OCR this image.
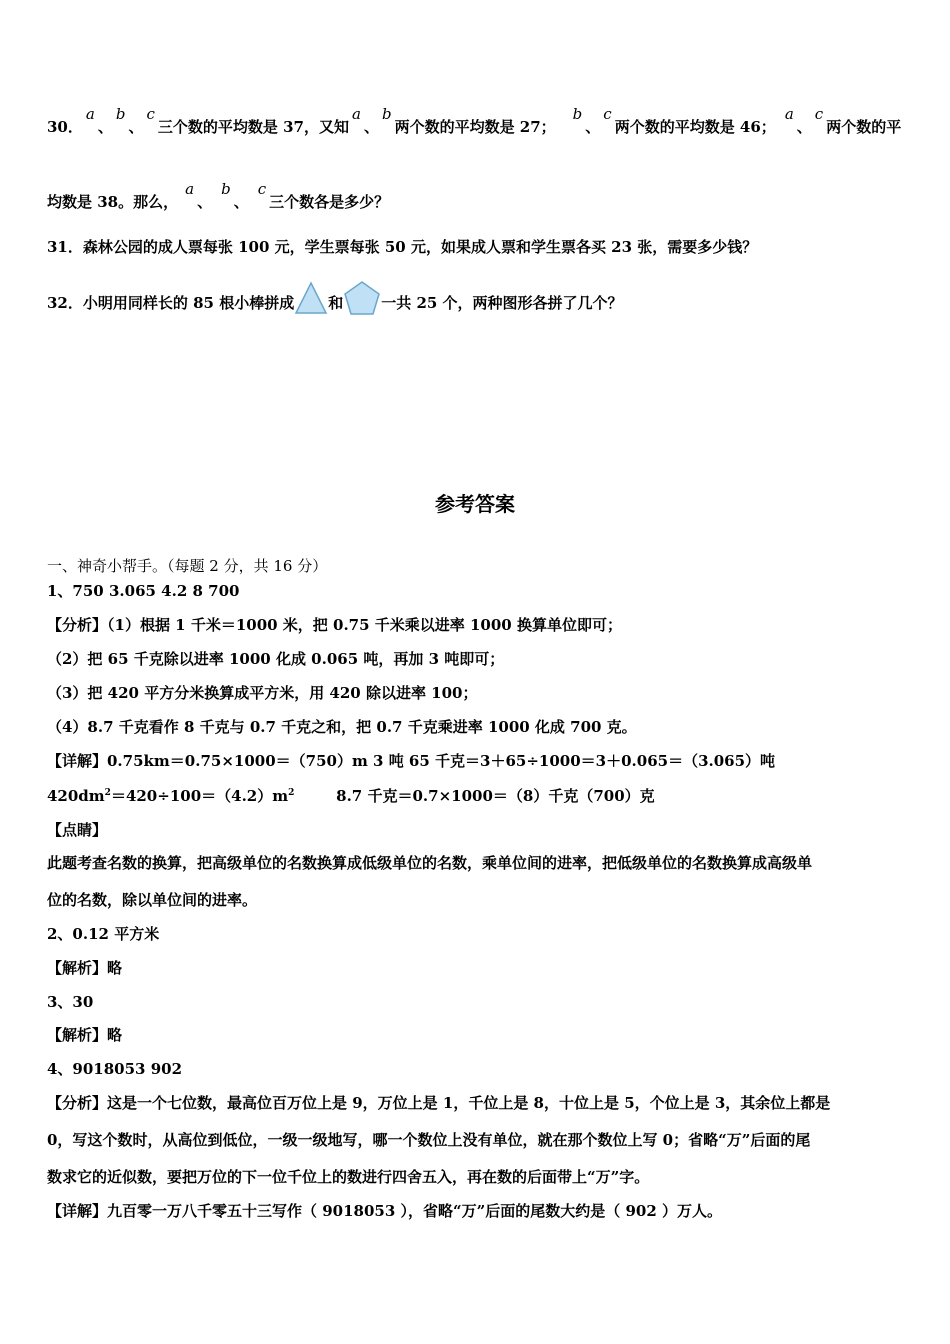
30．a、b、c三个数的平均数是 37，又知a、b两个数的平均数是 27；b、c两个数的平均数是 46；a、c两个数的平
均数是 38。那么，a、b、c三个数各是多少？
31．森林公园的成人票每张 100 元，学生票每张 50 元，如果成人票和学生票各买 23 张，需要多少钱？
32．小明用同样长的 85 根小棒拼成 和	一共 25 个，两种图形各拼了几个？
参考答案
一、神奇小帮手。（每题 2 分，共 16 分）
1、750 3.065 4.2 8 700
【分析】（1）根据 1 千米＝1000 米，把 0.75 千米乘以进率 1000 换算单位即可；
（2）把 65 千克除以进率 1000 化成 0.065 吨，再加 3 吨即可；
（3）把 420 平方分米换算成平方米，用 420 除以进率 100；
（4）8.7 千克看作 8 千克与 0.7 千克之和，把 0.7 千克乘进率 1000 化成 700 克。
【详解】0.75km＝0.75×1000＝（750）m 3 吨 65 千克＝3＋65÷1000＝3＋0.065＝（3.065）吨
$420dm^2=420\div 100=(4.2)m^2$        8.7 千克＝0.7×1000＝（8）千克（700）克
【点睛】
此题考查名数的换算，把高级单位的名数换算成低级单位的名数，乘单位间的进率，把低级单位的名数换算成高级单
位的名数，除以单位间的进率。
2、0.12 平方米
【解析】略
3、30
【解析】略
4、9018053 902
【分析】这是一个七位数，最高位百万位上是 9，万位上是 1，千位上是 8，十位上是 5，个位上是 3，其余位上都是
0，写这个数时，从高位到低位，一级一级地写，哪一个数位上没有单位，就在那个数位上写 0；省略“万”后面的尾
数求它的近似数，要把万位的下一位千位上的数进行四舍五入，再在数的后面带上“万”字。
【详解】九百零一万八千零五十三写作（ 9018053 ），省略“万”后面的尾数大约是（ 902 ）万人。
